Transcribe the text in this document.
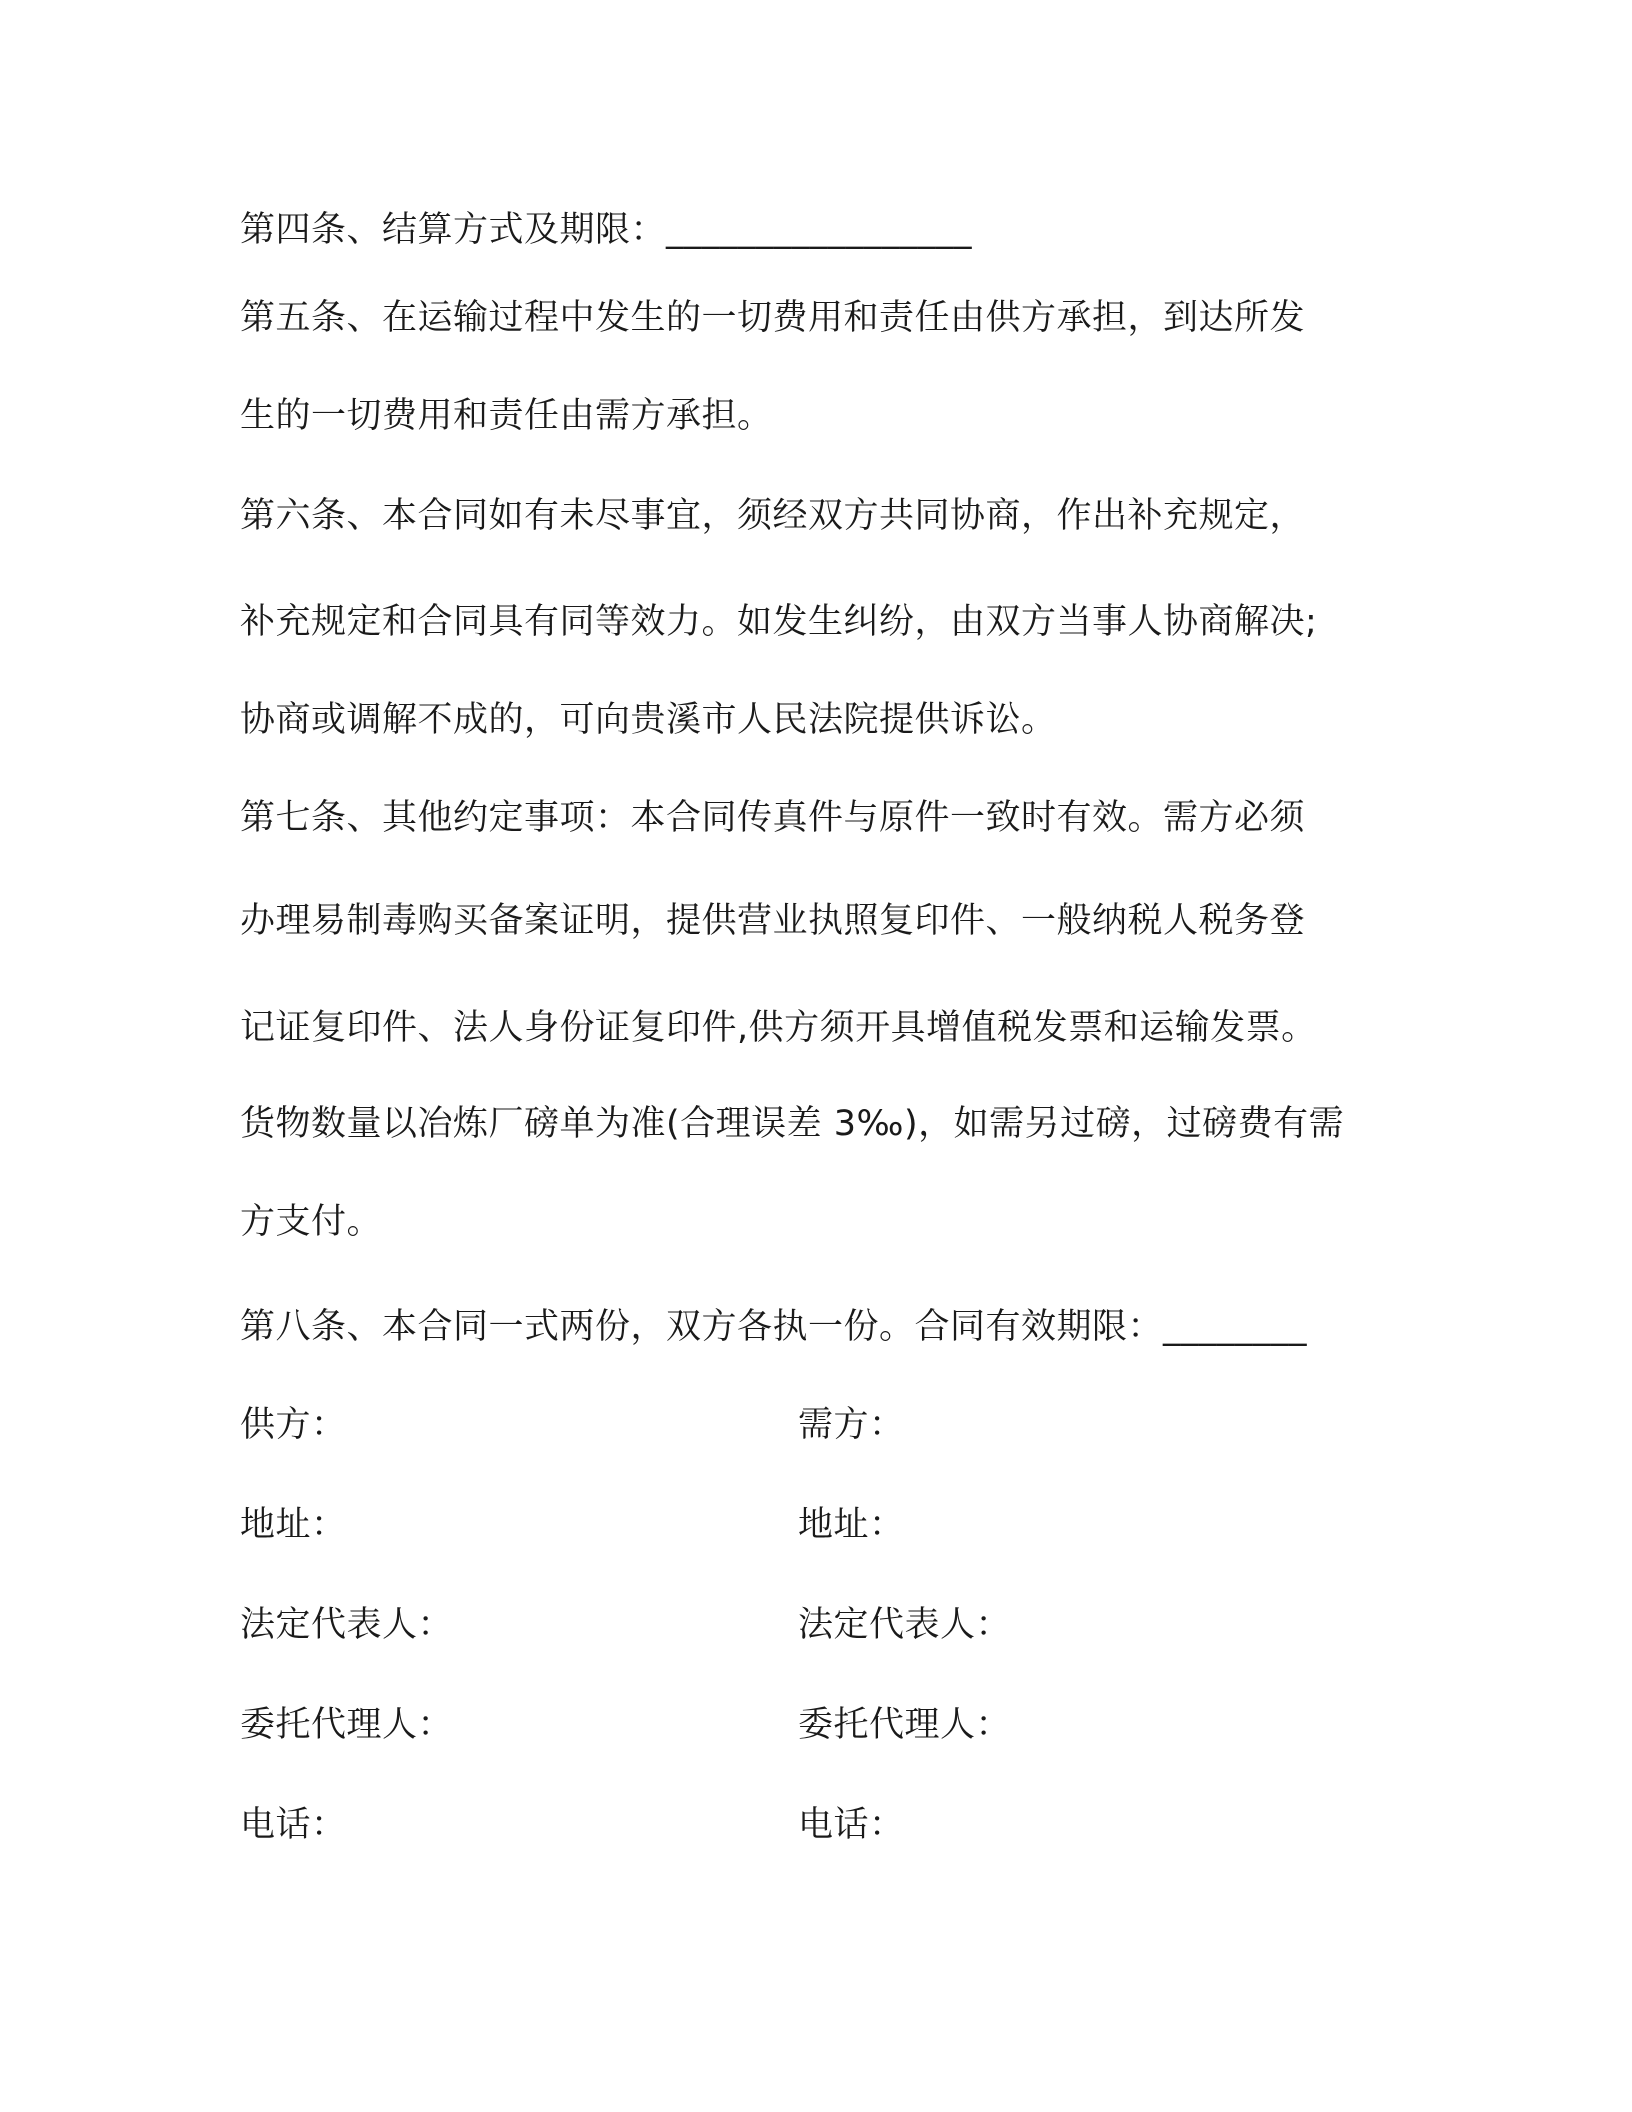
第四条、结算方式及期限：_________________
第五条、在运输过程中发生的一切费用和责任由供方承担，到达所发
生的一切费用和责任由需方承担。
第六条、本合同如有未尽事宜，须经双方共同协商，作出补充规定，
补充规定和合同具有同等效力。如发生纠纷，由双方当事人协商解决;
协商或调解不成的，可向贵溪市人民法院提供诉讼。
第七条、其他约定事项：本合同传真件与原件一致时有效。需方必须
办理易制毒购买备案证明，提供营业执照复印件、一般纳税人税务登
记证复印件、法人身份证复印件,供方须开具增值税发票和运输发票。
货物数量以冶炼厂磅单为准(合理误差 3‰)，如需另过磅，过磅费有需
方支付。
第八条、本合同一式两份，双方各执一份。合同有效期限：________
供方：
地址：
法定代表人：
委托代理人：
电话：
需方：
地址：
法定代表人：
委托代理人：
电话：
